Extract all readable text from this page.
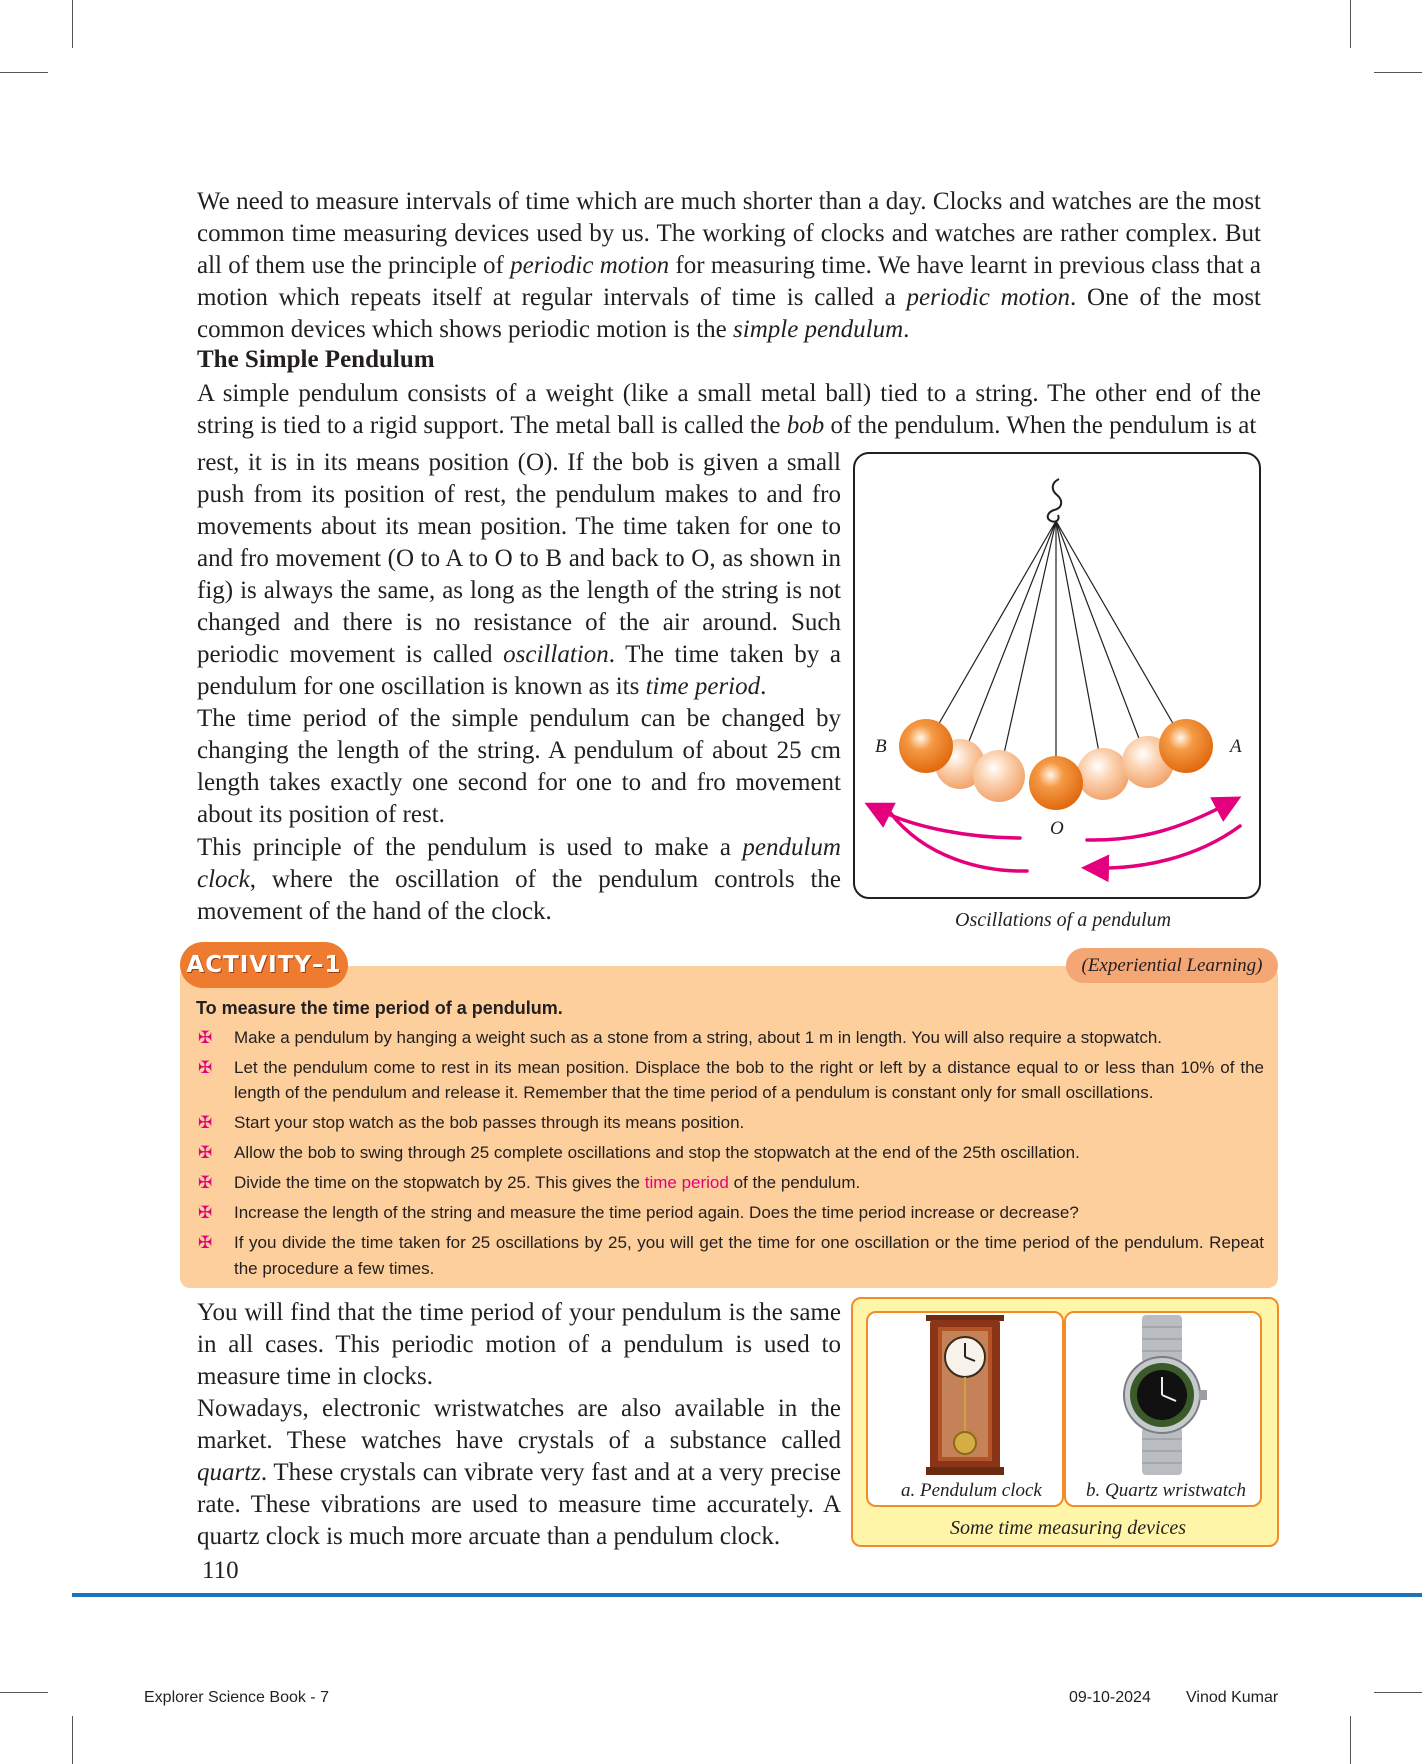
We need to measure intervals of time which are much shorter than a day. Clocks and watches are the most common time measuring devices used by us. The working of clocks and watches are rather complex. But all of them use the principle of periodic motion for measuring time. We have learnt in previous class that a motion which repeats itself at regular intervals of time is called a periodic motion. One of the most common devices which shows periodic motion is the simple pendulum.

The Simple Pendulum

A simple pendulum consists of a weight (like a small metal ball) tied to a string. The other end of the string is tied to a rigid support. The metal ball is called the bob of the pendulum. When the pendulum is at

rest, it is in its means position (O). If the bob is given a small push from its position of rest, the pendulum makes to and fro movements about its mean position. The time taken for one to and fro movement (O to A to O to B and back to O, as shown in fig) is always the same, as long as the length of the string is not changed and there is no resistance of the air around. Such periodic movement is called oscillation. The time taken by a pendulum for one oscillation is known as its time period.

The time period of the simple pendulum can be changed by changing the length of the string. A pendulum of about 25 cm length takes exactly one second for one to and fro movement about its position of rest.

This principle of the pendulum is used to make a pendulum clock, where the oscillation of the pendulum controls the movement of the hand of the clock.

B	A
O
Oscillations of a pendulum
ACTIVITY–1	(Experiential Learning)

To measure the time period of a pendulum.

✠ Make a pendulum by hanging a weight such as a stone from a string, about 1 m in length. You will also require a stopwatch.
✠ Let the pendulum come to rest in its mean position. Displace the bob to the right or left by a distance equal to or less than 10% of the length of the pendulum and release it. Remember that the time period of a pendulum is constant only for small oscillations.
✠ Start your stop watch as the bob passes through its means position.
✠ Allow the bob to swing through 25 complete oscillations and stop the stopwatch at the end of the 25th oscillation.
✠ Divide the time on the stopwatch by 25. This gives the time period of the pendulum.
✠ Increase the length of the string and measure the time period again. Does the time period increase or decrease?
✠ If you divide the time taken for 25 oscillations by 25, you will get the time for one oscillation or the time period of the pendulum. Repeat the procedure a few times.

You will find that the time period of your pendulum is the same in all cases. This periodic motion of a pendulum is used to measure time in clocks.

Nowadays, electronic wristwatches are also available in the market. These watches have crystals of a substance called quartz. These crystals can vibrate very fast and at a very precise rate. These vibrations are used to measure time accurately. A quartz clock is much more arcuate than a pendulum clock.

a. Pendulum clock b. Quartz wristwatch
Some time measuring devices

110

Explorer Science Book - 7	09-10-2024 Vinod Kumar
